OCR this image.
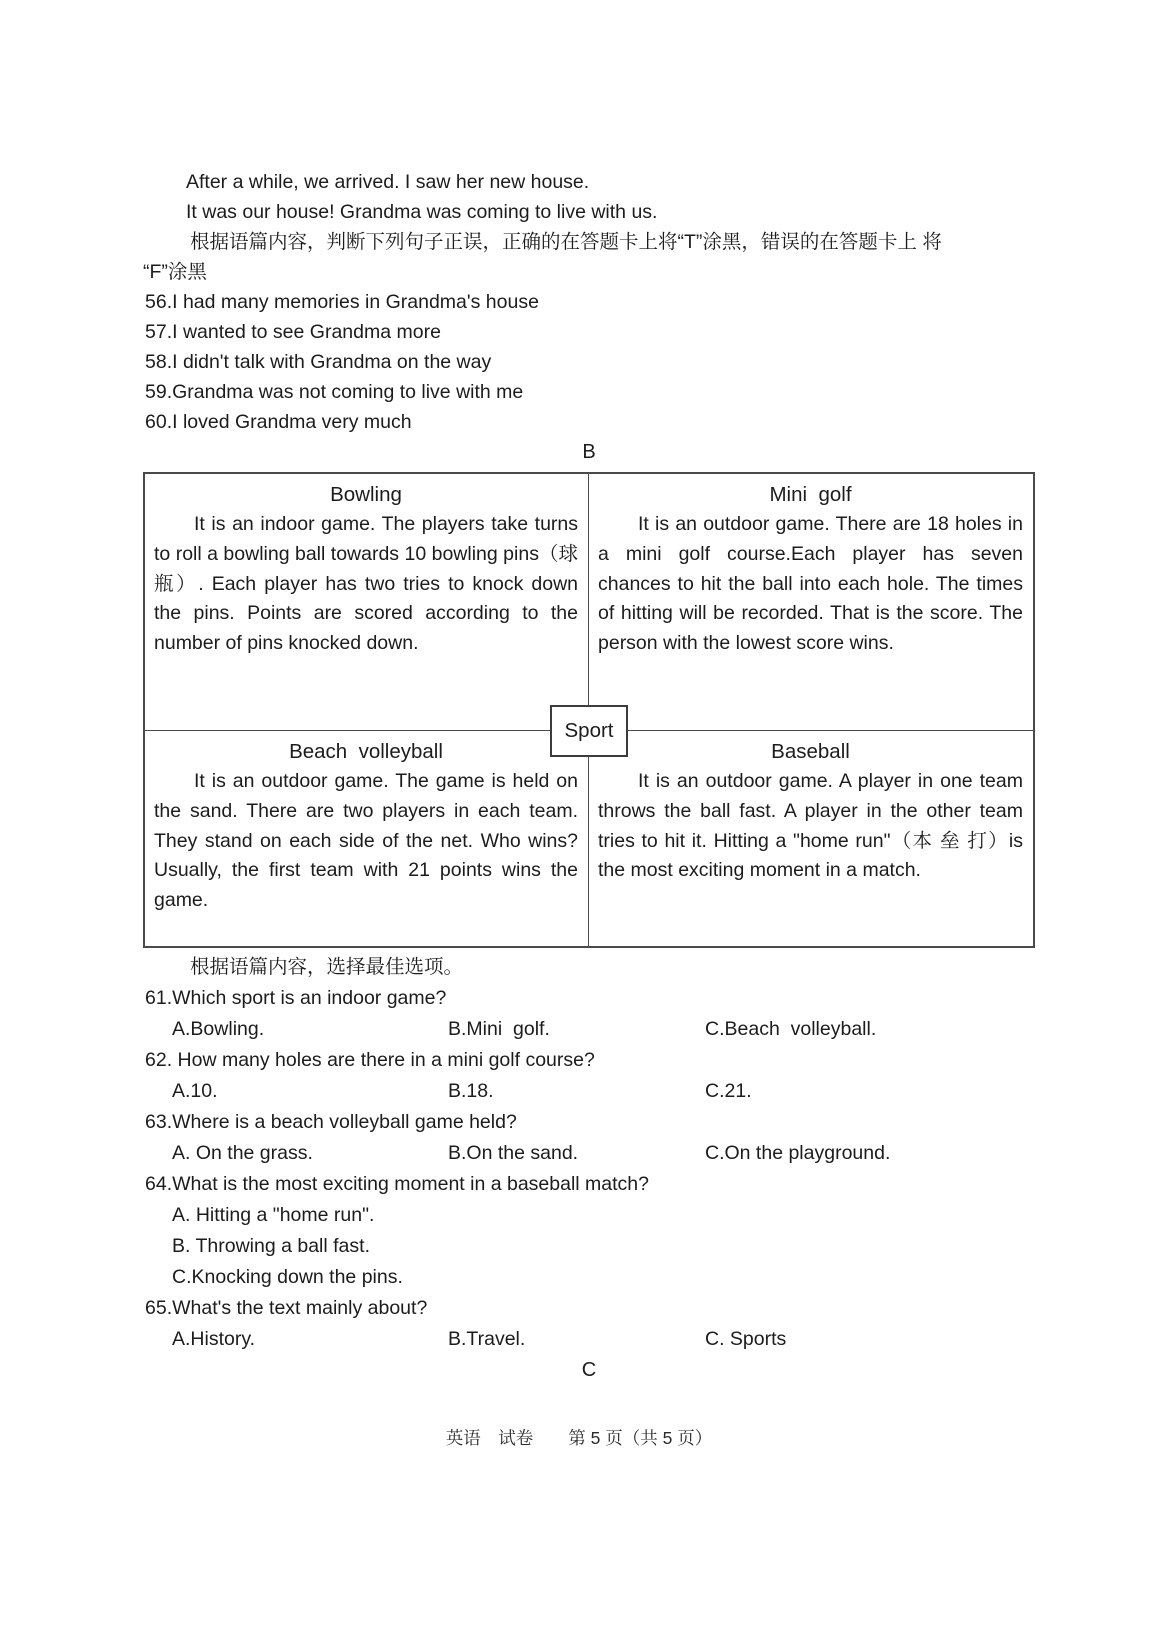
After a while, we arrived. I saw her new house.

It was our house! Grandma was coming to live with us.

根据语篇内容，判断下列句子正误，正确的在答题卡上将“T”涂黑，错误的在答题卡上 将

“F”涂黑

56.I had many memories in Grandma's house

57.I wanted to see Grandma more

58.I didn't talk with Grandma on the way

59.Grandma was not coming to live with me

60.I loved Grandma very much

B
Bowling

It is an indoor game. The players take turns to roll a bowling ball towards 10 bowling pins（球 瓶）. Each player has two tries to knock down the pins. Points are scored according to the number of pins knocked down.

Mini  golf

It is an outdoor game. There are 18 holes in a mini golf course.Each player has seven chances to hit the ball into each hole. The times of hitting will be recorded. That is the score. The person with the lowest score wins.

Beach  volleyball

It is an outdoor game. The game is held on the sand. There are two players in each team. They stand on each side of the net. Who wins? Usually, the first team with 21 points wins the game.

Baseball

It is an outdoor game. A player in one team throws the ball fast. A player in the other team tries to hit it. Hitting a "home run"（本 垒 打）is the most exciting moment in a match.

Sport

根据语篇内容，选择最佳选项。

61.Which sport is an indoor game?

A.Bowling.	B.Mini  golf.	C.Beach  volleyball.

62. How many holes are there in a mini golf course?

A.10.	B.18.	C.21.

63.Where is a beach volleyball game held?

A. On the grass.	B.On the sand.	C.On the playground.

64.What is the most exciting moment in a baseball match?

A. Hitting a "home run".

B. Throwing a ball fast.

C.Knocking down the pins.

65.What's the text mainly about?

A.History.	B.Travel.	C. Sports

C

英语　试卷　　第 5 页（共 5 页）
